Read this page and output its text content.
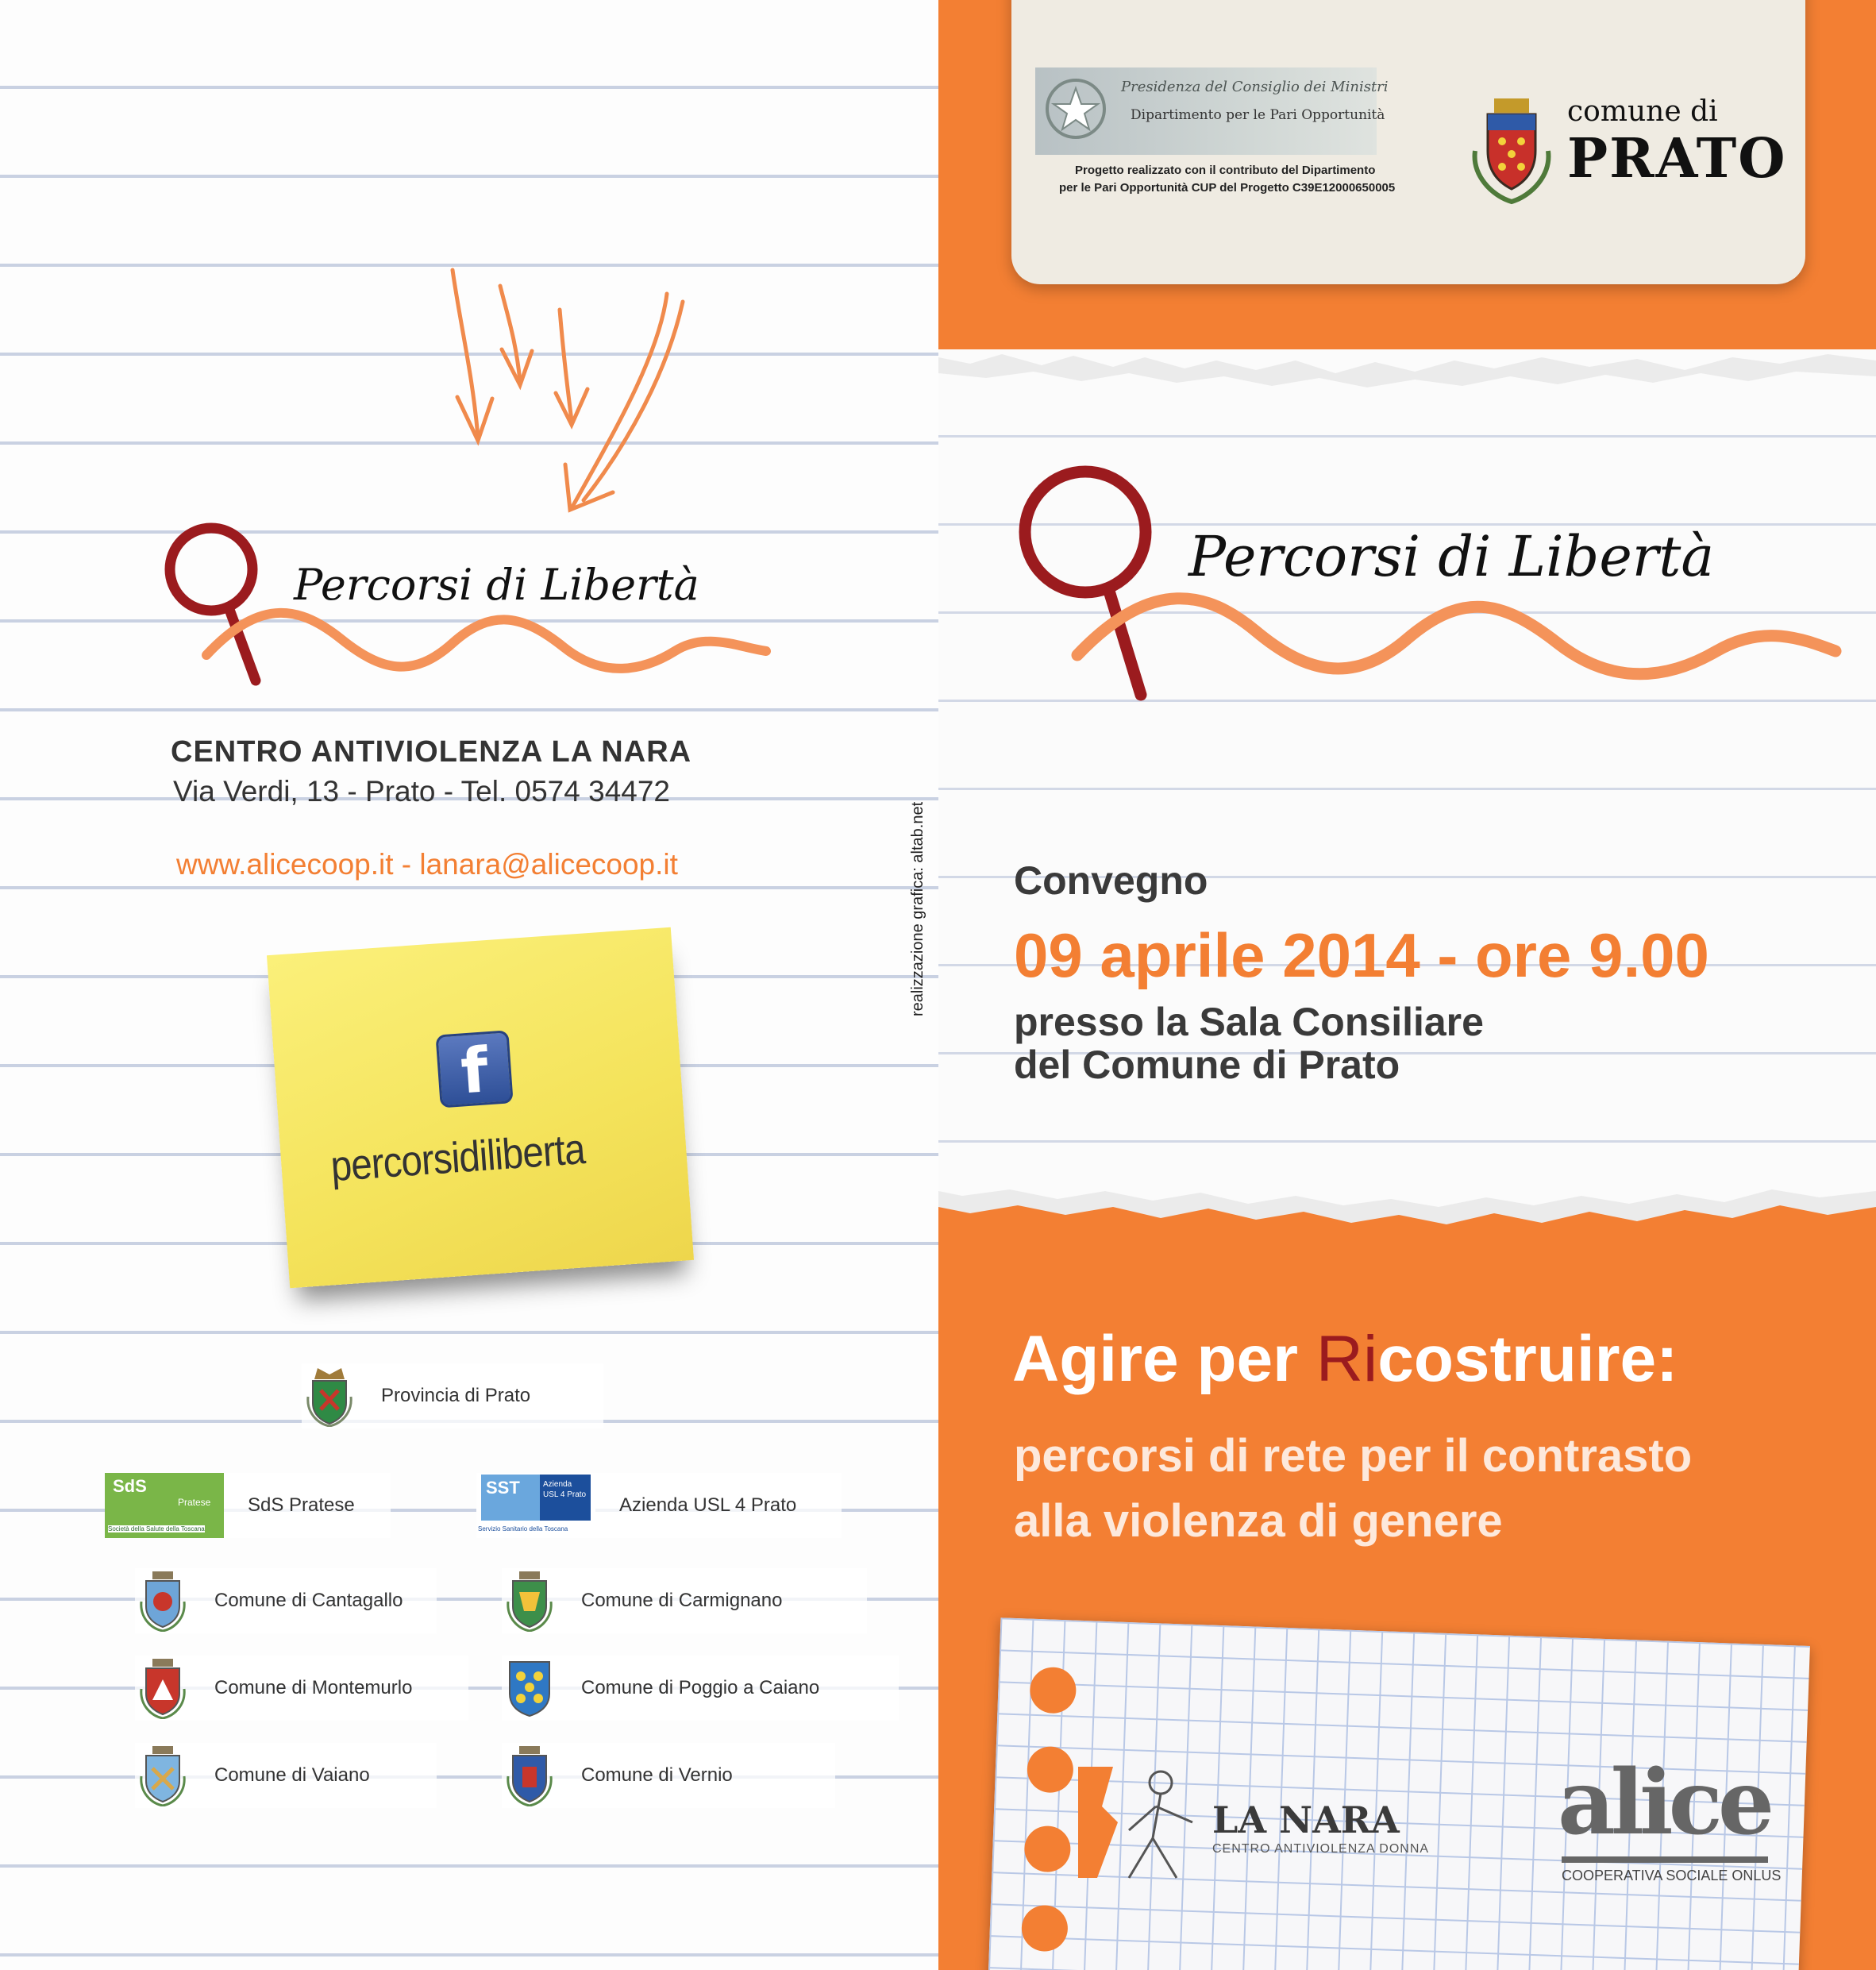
Percorsi di Libertà
CENTRO ANTIVIOLENZA LA NARA
Via Verdi, 13 - Prato - Tel. 0574 34472
www.alicecoop.it - lanara@alicecoop.it
f
percorsidiliberta
realizzazione grafica: altab.net
Provincia di Prato
SdS
Pratese
Società della Salute della Toscana
SdS Pratese
SST	Azienda USL 4 Prato
Servizio Sanitario della Toscana
Azienda USL 4 Prato
Comune di Cantagallo	Comune di Carmignano
Comune di Montemurlo	Comune di Poggio a Caiano
Comune di Vaiano	Comune di Vernio
Presidenza del Consiglio dei Ministri
Dipartimento per le Pari Opportunità
Progetto realizzato con il contributo del Dipartimento
per le Pari Opportunità CUP del Progetto C39E12000650005
comune di
PRATO
Percorsi di Libertà
Convegno
09 aprile 2014 - ore 9.00
presso la Sala Consiliare
del Comune di Prato
Agire per Ricostruire:
percorsi di rete per il contrasto
alla violenza di genere
LA NARA
CENTRO ANTIVIOLENZA DONNA alice
COOPERATIVA SOCIALE ONLUS
